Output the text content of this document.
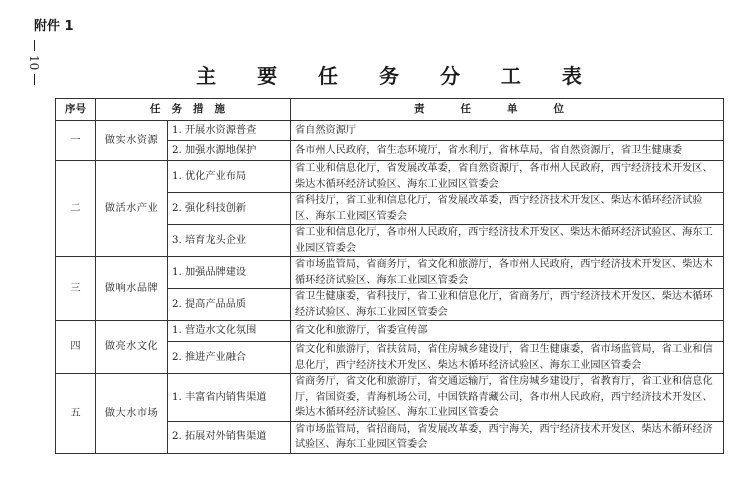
附件 1
10
主 要 任 务 分 工 表
序号	任务措施		责任单位
一	做实水资源	1. 开展水资源普查	省自然资源厅
		2. 加强水源地保护	各市州人民政府，省生态环境厅，省水利厅，省林草局，省自然资源厅，省卫生健康委
二	做活水产业	1. 优化产业布局	省工业和信息化厅，省发展改革委，省自然资源厅，各市州人民政府，西宁经济技术开发区、柴达木循环经济试验区、海东工业园区管委会
		2. 强化科技创新	省科技厅，省工业和信息化厅，省发展改革委，西宁经济技术开发区、柴达木循环经济试验区、海东工业园区管委会
		3. 培育龙头企业	省工业和信息化厅，各市州人民政府，西宁经济技术开发区、柴达木循环经济试验区、海东工业园区管委会
三	做响水品牌	1. 加强品牌建设	省市场监管局，省商务厅，省文化和旅游厅，各市州人民政府，西宁经济技术开发区、柴达木循环经济试验区、海东工业园区管委会
		2. 提高产品品质	省卫生健康委，省科技厅，省工业和信息化厅，省商务厅，西宁经济技术开发区、柴达木循环经济试验区、海东工业园区管委会
四	做亮水文化	1. 营造水文化氛围	省文化和旅游厅，省委宣传部
		2. 推进产业融合	省文化和旅游厅，省扶贫局，省住房城乡建设厅，省卫生健康委，省市场监管局，省工业和信息化厅，西宁经济技术开发区、柴达木循环经济试验区、海东工业园区管委会
五	做大水市场	1. 丰富省内销售渠道	省商务厅，省文化和旅游厅，省交通运输厅，省住房城乡建设厅，省教育厅，省工业和信息化厅，省国资委，青海机场公司，中国铁路青藏公司，各市州人民政府，西宁经济技术开发区、柴达木循环经济试验区、海东工业园区管委会
		2. 拓展对外销售渠道	省市场监管局，省招商局，省发展改革委，西宁海关，西宁经济技术开发区、柴达木循环经济试验区、海东工业园区管委会
